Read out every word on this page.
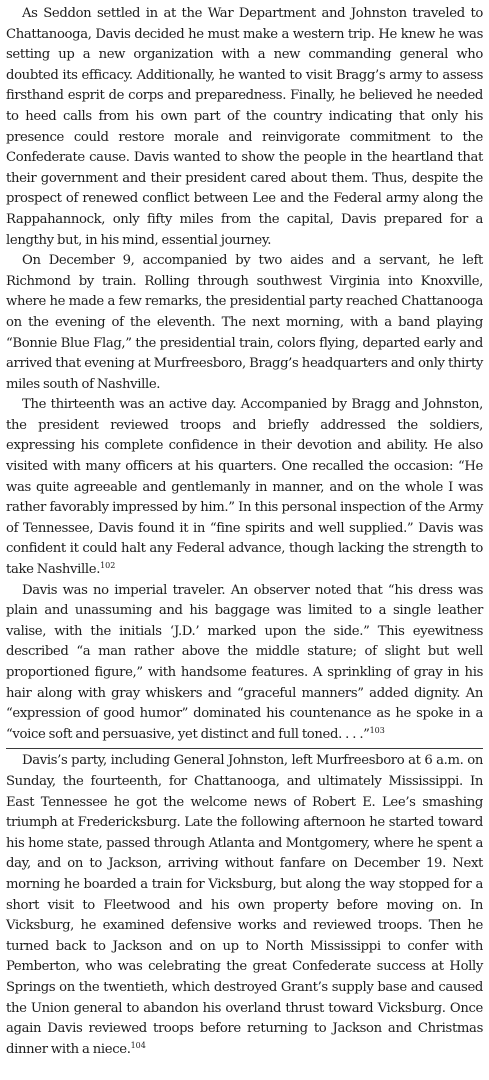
As Seddon settled in at the War Department and Johnston traveled to Chattanooga, Davis decided he must make a western trip. He knew he was setting up a new organization with a new commanding general who doubted its efficacy. Additionally, he wanted to visit Bragg’s army to assess firsthand esprit de corps and preparedness. Finally, he believed he needed to heed calls from his own part of the country indicating that only his presence could restore morale and reinvigorate commitment to the Confederate cause. Davis wanted to show the people in the heartland that their government and their president cared about them. Thus, despite the prospect of renewed conflict between Lee and the Federal army along the Rappahannock, only fifty miles from the capital, Davis prepared for a lengthy but, in his mind, essential journey.

On December 9, accompanied by two aides and a servant, he left Richmond by train. Rolling through southwest Virginia into Knoxville, where he made a few remarks, the presidential party reached Chattanooga on the evening of the eleventh. The next morning, with a band playing “Bonnie Blue Flag,” the presidential train, colors flying, departed early and arrived that evening at Murfreesboro, Bragg’s headquarters and only thirty miles south of Nashville.

The thirteenth was an active day. Accompanied by Bragg and Johnston, the president reviewed troops and briefly addressed the soldiers, expressing his complete confidence in their devotion and ability. He also visited with many officers at his quarters. One recalled the occasion: “He was quite agreeable and gentlemanly in manner, and on the whole I was rather favorably impressed by him.” In this personal inspection of the Army of Tennessee, Davis found it in “fine spirits and well supplied.” Davis was confident it could halt any Federal advance, though lacking the strength to take Nashville.$^{102}$

Davis was no imperial traveler. An observer noted that “his dress was plain and unassuming and his baggage was limited to a single leather valise, with the initials ‘J.D.’ marked upon the side.” This eyewitness described “a man rather above the middle stature; of slight but well proportioned figure,” with handsome features. A sprinkling of gray in his hair along with gray whiskers and “graceful manners” added dignity. An “expression of good humor” dominated his countenance as he spoke in a “voice soft and persuasive, yet distinct and full toned. . . .”$^{103}$

Davis’s party, including General Johnston, left Murfreesboro at 6 a.m. on Sunday, the fourteenth, for Chattanooga, and ultimately Mississippi. In East Tennessee he got the welcome news of Robert E. Lee’s smashing triumph at Fredericksburg. Late the following afternoon he started toward his home state, passed through Atlanta and Montgomery, where he spent a day, and on to Jackson, arriving without fanfare on December 19. Next morning he boarded a train for Vicksburg, but along the way stopped for a short visit to Fleetwood and his own property before moving on. In Vicksburg, he examined defensive works and reviewed troops. Then he turned back to Jackson and on up to North Mississippi to confer with Pemberton, who was celebrating the great Confederate success at Holly Springs on the twentieth, which destroyed Grant’s supply base and caused the Union general to abandon his overland thrust toward Vicksburg. Once again Davis reviewed troops before returning to Jackson and Christmas dinner with a niece.$^{104}$
